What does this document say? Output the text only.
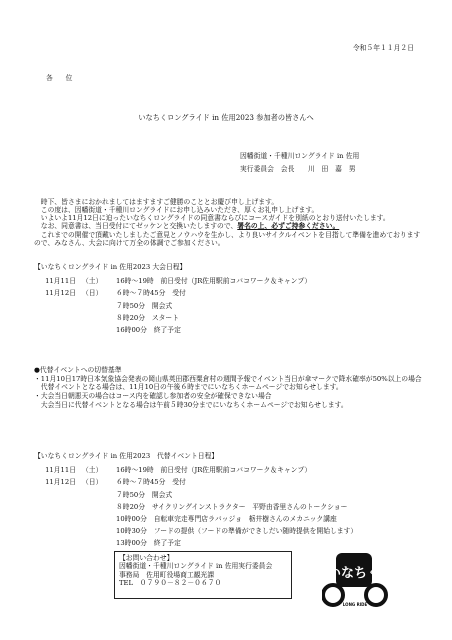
令和５年１１月２日
各　位
いなちくロングライド in 佐用2023 参加者の皆さんへ
因幡街道・千種川ロングライド in 佐用
実行委員会　会長　　川　田　嘉　男

　時下、皆さまにおかれましてはますますご健勝のこととお慶び申し上げます。

　この度は、因幡街道・千種川ロングライドにお申し込みいただき、厚くお礼申し上げます。

　いよいよ11月12日に迫ったいなちくロングライドの同意書ならびにコースガイドを別紙のとおり送付いたします。

　なお、同意書は、当日受付にてゼッケンと交換いたしますので、署名の上、必ずご持参ください。

　これまでの開催で頂戴いたしましたご意見とノウハウを生かし、より良いサイクルイベントを目指して準備を進めておりますので、みなさん、大会に向けて万全の体調でご参加ください。

【いなちくロングライド in 佐用2023 大会日程】
11月11日 （土）	16時～19時　前日受付（JR佐用駅前コバコワーク＆キャンプ）
11月12日 （日）	６時～７時45分　受付
７時50分　開会式
８時20分　スタート
16時00分　終了予定

●代替イベントへの切替基準

・11月10日17時日本気象協会発表の岡山県英田郡西粟倉村の週間予報でイベント当日が傘マークで降水確率が50%以上の場合

　代替イベントとなる場合は、11月10日の午後６時までにいなちくホームページでお知らせします。

・大会当日朝悪天の場合はコース内を確認し参加者の安全が確保できない場合

　大会当日に代替イベントとなる場合は午前５時30分までにいなちくホームページでお知らせします。

【いなちくロングライド in 佐用2023　代替イベント日程】
11月11日 （土）	16時～19時　前日受付（JR佐用駅前コバコワーク＆キャンプ）
11月12日 （日）	６時～７時45分　受付
７時50分　開会式
８時20分　サイクリングインストラクター　平野由香里さんのトークショー
10時00分　自転車完走専門店ラバッジョ　栃井樹さんのメカニック講座
10時30分　フードの提供（フードの準備ができしだい随時提供を開始します）
13時00分　終了予定
【お問い合わせ】
因幡街道・千種川ロングライド in 佐用実行委員会
事務局　佐用町役場商工観光課
TEL　０７９０－８２－０６７０
いなちく
LONG RIDE
